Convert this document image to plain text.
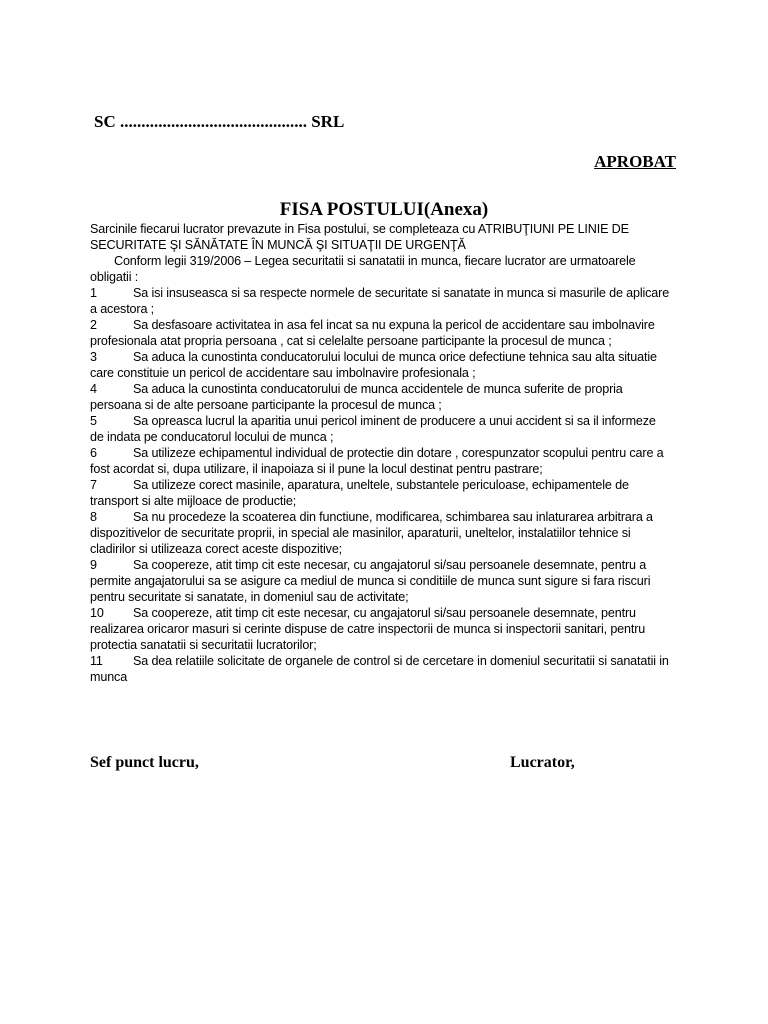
SC ............................................ SRL
APROBAT
FISA POSTULUI(Anexa)

Sarcinile fiecarui lucrator prevazute in Fisa postului, se completeaza cu ATRIBUŢIUNI PE LINIE DE SECURITATE ŞI SĂNĂTATE ÎN MUNCĂ ŞI SITUAŢII DE URGENŢĂ

Conform legii 319/2006 – Legea securitatii si sanatatii in munca, fiecare lucrator are urmatoarele obligatii :

1	Sa isi insuseasca si sa respecte normele de securitate si sanatate in munca si masurile de aplicare a acestora ;
2	Sa desfasoare activitatea in asa fel incat sa nu expuna la pericol de accidentare sau imbolnavire profesionala atat propria persoana , cat si celelalte persoane participante la procesul de munca ;
3	Sa aduca la cunostinta conducatorului locului de munca orice defectiune tehnica sau alta situatie care constituie un pericol de accidentare sau imbolnavire profesionala ;
4	Sa aduca la cunostinta conducatorului de munca accidentele de munca suferite de propria persoana si de alte persoane participante la procesul de munca ;
5	Sa opreasca lucrul la aparitia unui pericol iminent de producere a unui accident si sa il informeze de indata pe conducatorul locului de munca ;
6	Sa utilizeze echipamentul individual de protectie din dotare , corespunzator scopului pentru care a fost acordat si, dupa utilizare, il inapoiaza si il pune la locul destinat pentru pastrare;
7	Sa utilizeze corect masinile, aparatura, uneltele, substantele periculoase, echipamentele de transport si alte mijloace de productie;
8	Sa nu procedeze la scoaterea din functiune, modificarea, schimbarea sau inlaturarea arbitrara a dispozitivelor de securitate proprii, in special ale masinilor, aparaturii, uneltelor, instalatiilor tehnice si cladirilor si utilizeaza corect aceste dispozitive;
9	Sa coopereze, atit timp cit este necesar, cu angajatorul si/sau persoanele desemnate, pentru a permite angajatorului sa se asigure ca mediul de munca si conditiile de munca sunt sigure si fara riscuri pentru securitate si sanatate, in domeniul sau de activitate;
10 Sa coopereze, atit timp cit este necesar, cu angajatorul si/sau persoanele desemnate, pentru realizarea oricaror masuri si cerinte dispuse de catre inspectorii de munca si inspectorii sanitari, pentru protectia sanatatii si securitatii lucratorilor;
11 Sa dea relatiile solicitate de organele de control si de cercetare in domeniul securitatii si sanatatii in munca
Sef punct lucru,	Lucrator,
